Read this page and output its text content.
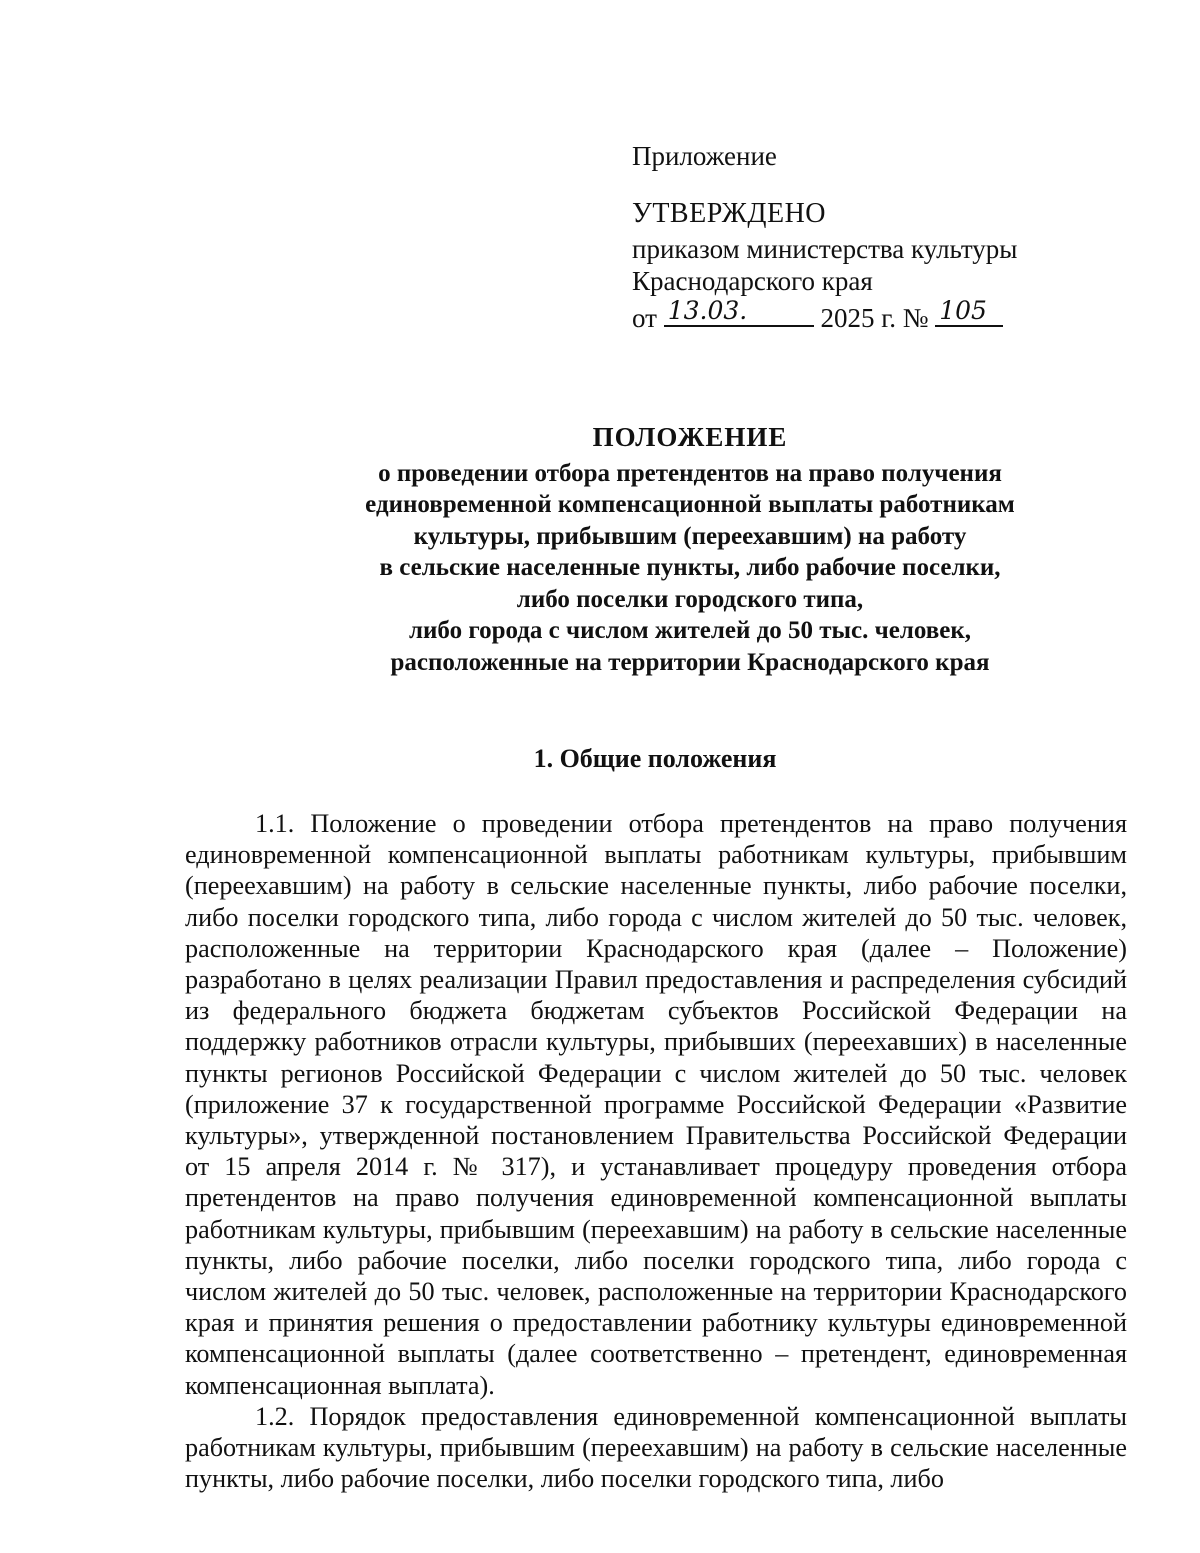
Приложение
УТВЕРЖДЕНО
приказом министерства культуры
Краснодарского края
от 13.03.	2025 г. № 105
ПОЛОЖЕНИЕ
о проведении отбора претендентов на право получения
единовременной компенсационной выплаты работникам
культуры, прибывшим (переехавшим) на работу
в сельские населенные пункты, либо рабочие поселки,
либо поселки городского типа,
либо города с числом жителей до 50 тыс. человек,
расположенные на территории Краснодарского края
1. Общие положения

1.1. Положение о проведении отбора претендентов на право получения единовременной компенсационной выплаты работникам культуры, прибывшим (переехавшим) на работу в сельские населенные пункты, либо рабочие поселки, либо поселки городского типа, либо города с числом жителей до 50 тыс. человек, расположенные на территории Краснодарского края (далее – Положение) разработано в целях реализации Правил предоставления и распределения субсидий из федерального бюджета бюджетам субъектов Российской Федерации на поддержку работников отрасли культуры, прибывших (переехавших) в населенные пункты регионов Российской Федерации с числом жителей до 50 тыс. человек (приложение 37 к государственной программе Российской Федерации «Развитие культуры», утвержденной постановлением Правительства Российской Федерации от 15 апреля 2014 г. № 317), и устанавливает процедуру проведения отбора претендентов на право получения единовременной компенсационной выплаты работникам культуры, прибывшим (переехавшим) на работу в сельские населенные пункты, либо рабочие поселки, либо поселки городского типа, либо города с числом жителей до 50 тыс. человек, расположенные на территории Краснодарского края и принятия решения о предоставлении работнику культуры единовременной компенсационной выплаты (далее соответственно – претендент, единовременная компенсационная выплата).

1.2. Порядок предоставления единовременной компенсационной выплаты работникам культуры, прибывшим (переехавшим) на работу в сельские населенные пункты, либо рабочие поселки, либо поселки городского типа, либо
